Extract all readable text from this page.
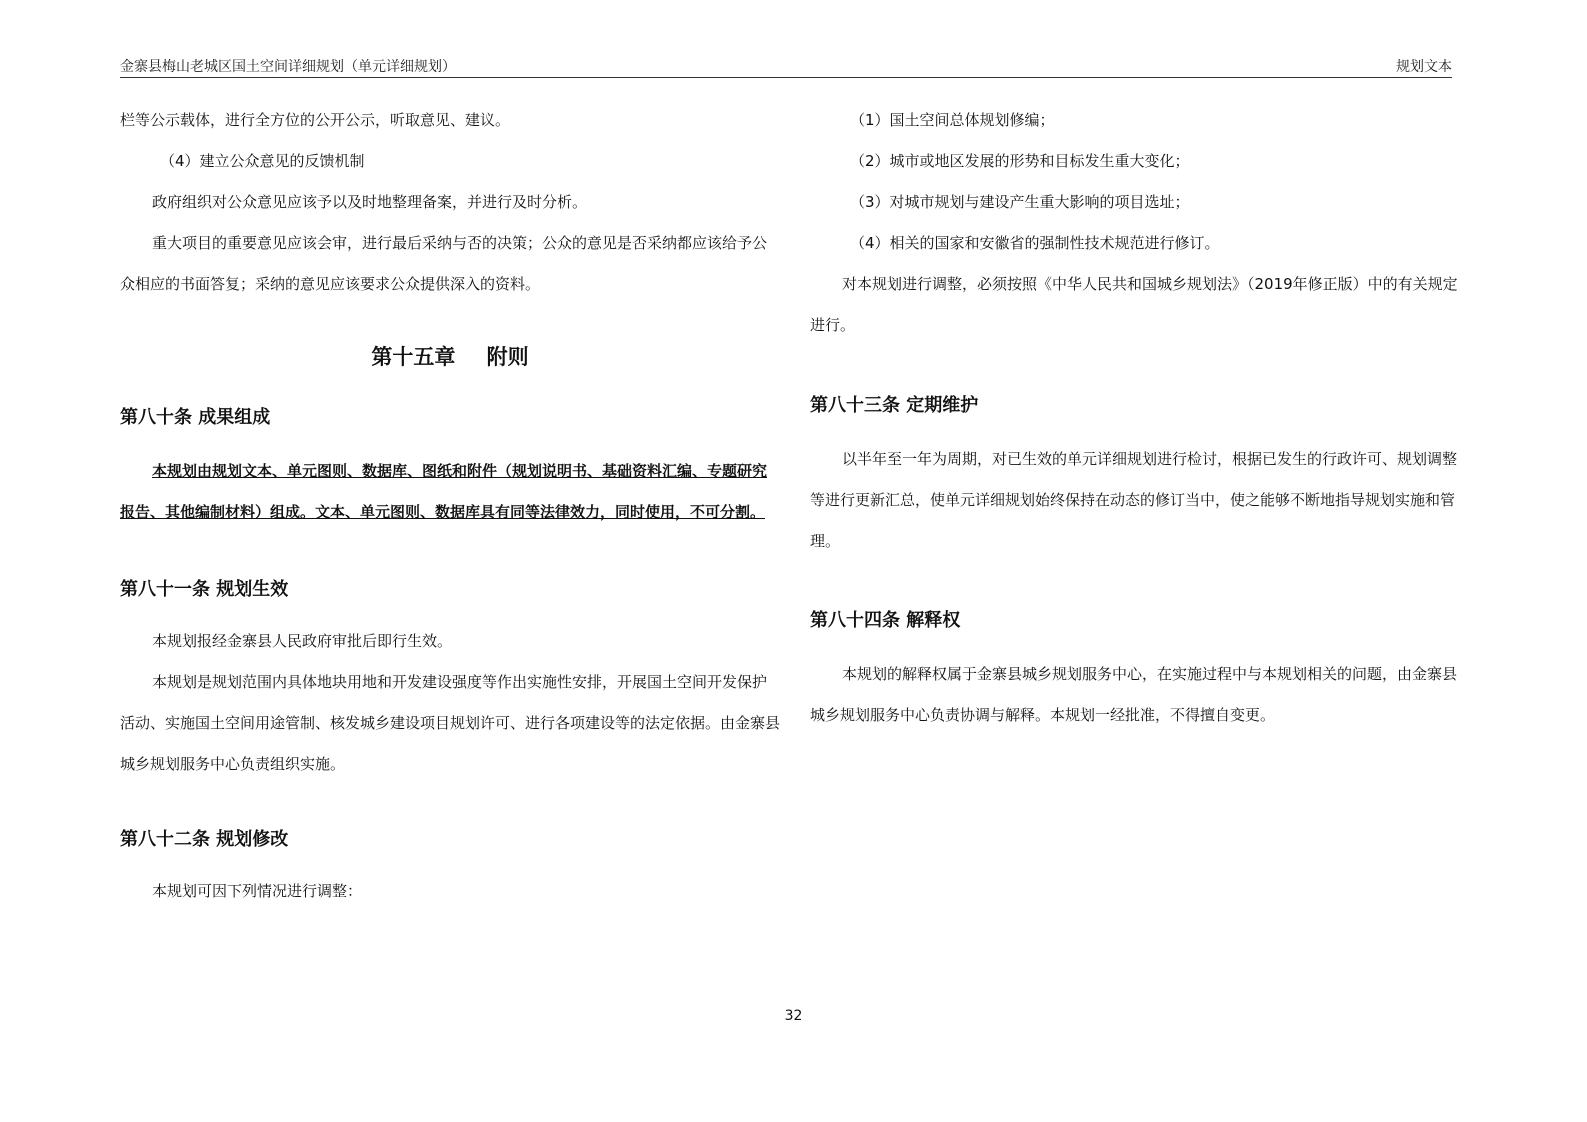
金寨县梅山老城区国土空间详细规划（单元详细规划）	规划文本

栏等公示载体，进行全方位的公开公示，听取意见、建议。

（4）建立公众意见的反馈机制

政府组织对公众意见应该予以及时地整理备案，并进行及时分析。

重大项目的重要意见应该会审，进行最后采纳与否的决策；公众的意见是否采纳都应该给予公众相应的书面答复；采纳的意见应该要求公众提供深入的资料。

第十五章 附则
第八十条 成果组成

本规划由规划文本、单元图则、数据库、图纸和附件（规划说明书、基础资料汇编、专题研究报告、其他编制材料）组成。文本、单元图则、数据库具有同等法律效力，同时使用，不可分割。

第八十一条 规划生效

本规划报经金寨县人民政府审批后即行生效。

本规划是规划范围内具体地块用地和开发建设强度等作出实施性安排，开展国土空间开发保护活动、实施国土空间用途管制、核发城乡建设项目规划许可、进行各项建设等的法定依据。由金寨县城乡规划服务中心负责组织实施。

第八十二条 规划修改

本规划可因下列情况进行调整：

（1）国土空间总体规划修编；

（2）城市或地区发展的形势和目标发生重大变化；

（3）对城市规划与建设产生重大影响的项目选址；

（4）相关的国家和安徽省的强制性技术规范进行修订。

对本规划进行调整，必须按照《中华人民共和国城乡规划法》（2019年修正版）中的有关规定进行。

第八十三条 定期维护

以半年至一年为周期，对已生效的单元详细规划进行检讨，根据已发生的行政许可、规划调整等进行更新汇总，使单元详细规划始终保持在动态的修订当中，使之能够不断地指导规划实施和管理。

第八十四条 解释权

本规划的解释权属于金寨县城乡规划服务中心，在实施过程中与本规划相关的问题，由金寨县城乡规划服务中心负责协调与解释。本规划一经批准，不得擅自变更。

32
